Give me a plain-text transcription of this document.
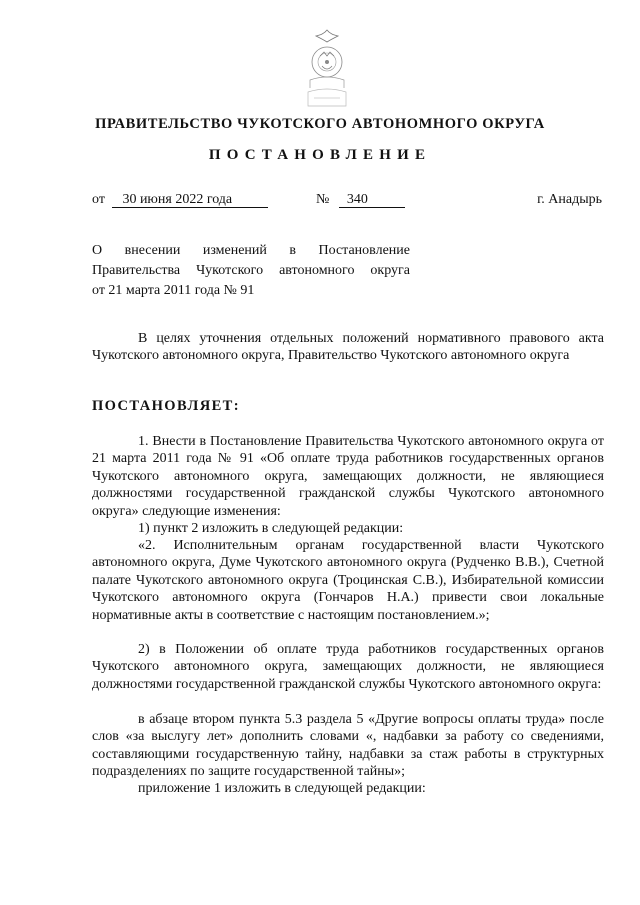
ПРАВИТЕЛЬСТВО ЧУКОТСКОГО АВТОНОМНОГО ОКРУГА
ПОСТАНОВЛЕНИЕ
от 30 июня 2022 года	№ 340	г. Анадырь
О внесении изменений в Постановление
Правительства Чукотского автономного округа
от 21 марта 2011 года № 91

В целях уточнения отдельных положений нормативного правового акта Чукотского автономного округа, Правительство Чукотского автономного округа

ПОСТАНОВЛЯЕТ:

1. Внести в Постановление Правительства Чукотского автономного округа от 21 марта 2011 года № 91 «Об оплате труда работников государственных органов Чукотского автономного округа, замещающих должности, не являющиеся должностями государственной гражданской службы Чукотского автономного округа» следующие изменения:

1) пункт 2 изложить в следующей редакции:

«2. Исполнительным органам государственной власти Чукотского автономного округа, Думе Чукотского автономного округа (Рудченко В.В.), Счетной палате Чукотского автономного округа (Троцинская С.В.), Избирательной комиссии Чукотского автономного округа (Гончаров Н.А.) привести свои локальные нормативные акты в соответствие с настоящим постановлением.»;

2) в Положении об оплате труда работников государственных органов Чукотского автономного округа, замещающих должности, не являющиеся должностями государственной гражданской службы Чукотского автономного округа:

в абзаце втором пункта 5.3 раздела 5 «Другие вопросы оплаты труда» после слов «за выслугу лет» дополнить словами «, надбавки за работу со сведениями, составляющими государственную тайну, надбавки за стаж работы в структурных подразделениях по защите государственной тайны»;

приложение 1 изложить в следующей редакции:
